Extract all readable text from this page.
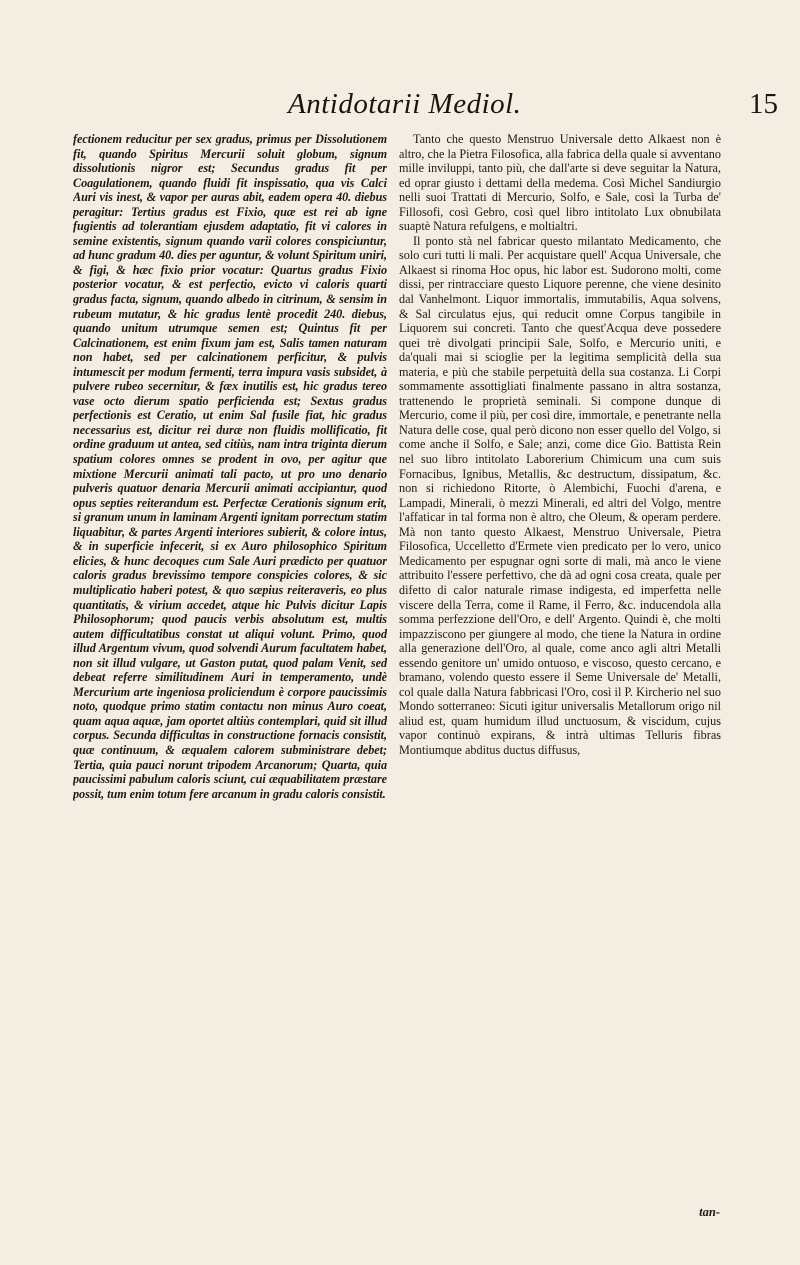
Antidotarii Mediol.	15

fectionem reducitur per sex gradus, primus per Dissolutionem fit, quando Spiritus Mercurii soluit globum, signum dissolutionis nigror est; Secundus gradus fit per Coagulationem, quando fluidi fit inspissatio, qua vis Calci Auri vis inest, & vapor per auras abit, eadem opera 40. diebus peragitur: Tertius gradus est Fixio, quæ est rei ab igne fugientis ad tolerantiam ejusdem adaptatio, fit vi calores in semine existentis, signum quando varii colores conspiciuntur, ad hunc gradum 40. dies per aguntur, & volunt Spiritum uniri, & figi, & hæc fixio prior vocatur: Quartus gradus Fixio posterior vocatur, & est perfectio, evicto vi caloris quarti gradus facta, signum, quando albedo in citrinum, & sensim in rubeum mutatur, & hic gradus lentè procedit 240. diebus, quando unitum utrumque semen est; Quintus fit per Calcinationem, est enim fixum jam est, Salis tamen naturam non habet, sed per calcinationem perficitur, & pulvis intumescit per modum fermenti, terra impura vasis subsidet, à pulvere rubeo secernitur, & fæx inutilis est, hic gradus tereo vase octo dierum spatio perficienda est; Sextus gradus perfectionis est Ceratio, ut enim Sal fusile fiat, hic gradus necessarius est, dicitur rei duræ non fluidis mollificatio, fit ordine graduum ut antea, sed citiùs, nam intra triginta dierum spatium colores omnes se prodent in ovo, per agitur que mixtione Mercurii animati tali pacto, ut pro uno denario pulveris quatuor denaria Mercurii animati accipiantur, quod opus septies reiterandum est. Perfectæ Cerationis signum erit, si granum unum in laminam Argenti ignitam porrectum statim liquabitur, & partes Argenti interiores subierit, & colore intus, & in superficie infecerit, si ex Auro philosophico Spiritum elicies, & hunc decoques cum Sale Auri prædicto per quatuor caloris gradus brevissimo tempore conspicies colores, & sic multiplicatio haberi potest, & quo sæpius reiteraveris, eo plus quantitatis, & virium accedet, atque hic Pulvis dicitur Lapis Philosophorum; quod paucis verbis absolutum est, multis autem difficultatibus constat ut aliqui volunt. Primo, quod illud Argentum vivum, quod solvendi Aurum facultatem habet, non sit illud vulgare, ut Gaston putat, quod palam Venit, sed debeat referre similitudinem Auri in temperamento, undè Mercurium arte ingeniosa proliciendum è corpore paucissimis noto, quodque primo statim contactu non minus Auro coeat, quam aqua aquæ, jam oportet altiùs contemplari, quid sit illud corpus. Secunda difficultas in constructione fornacis consistit, quæ continuum, & æqualem calorem subministrare debet; Tertia, quia pauci norunt tripodem Arcanorum; Quarta, quia paucissimi pabulum caloris sciunt, cui æquabilitatem præstare possit, tum enim totum fere arcanum in gradu caloris consistit.

Tanto che questo Menstruo Universale detto Alkaest non è altro, che la Pietra Filosofica, alla fabrica della quale si avventano mille inviluppi, tanto più, che dall'arte si deve seguitar la Natura, ed oprar giusto i dettami della medema. Così Michel Sandiurgio nelli suoi Trattati di Mercurio, Solfo, e Sale, così la Turba de' Fillosofi, così Gebro, così quel libro intitolato Lux obnubilata suaptè Natura refulgens, e moltialtri.

Il ponto stà nel fabricar questo milantato Medicamento, che solo curi tutti li mali. Per acquistare quell' Acqua Universale, che Alkaest si rinoma Hoc opus, hic labor est. Sudorono molti, come dissi, per rintracciare questo Liquore perenne, che viene desinito dal Vanhelmont. Liquor immortalis, immutabilis, Aqua solvens, & Sal circulatus ejus, qui reducit omne Corpus tangibile in Liquorem sui concreti. Tanto che quest'Acqua deve possedere quei trè divolgati principii Sale, Solfo, e Mercurio uniti, e da'quali mai si scioglie per la legitima semplicità della sua materia, e più che stabile perpetuità della sua costanza. Li Corpi sommamente assottigliati finalmente passano in altra sostanza, trattenendo le proprietà seminali. Si compone dunque di Mercurio, come il più, per così dire, immortale, e penetrante nella Natura delle cose, qual però dicono non esser quello del Volgo, si come anche il Solfo, e Sale; anzi, come dice Gio. Battista Rein nel suo libro intitolato Laborerium Chimicum una cum suis Fornacibus, Ignibus, Metallis, &c destructum, dissipatum, &c. non si richiedono Ritorte, ò Alembichi, Fuochi d'arena, e Lampadi, Minerali, ò mezzi Minerali, ed altri del Volgo, mentre l'affaticar in tal forma non è altro, che Oleum, & operam perdere. Mà non tanto questo Alkaest, Menstruo Universale, Pietra Filosofica, Uccelletto d'Ermete vien predicato per lo vero, unico Medicamento per espugnar ogni sorte di mali, mà anco le viene attribuito l'essere perfettivo, che dà ad ogni cosa creata, quale per difetto di calor naturale rimase indigesta, ed imperfetta nelle viscere della Terra, come il Rame, il Ferro, &c. inducendola alla somma perfezzione dell'Oro, e dell' Argento. Quindi è, che molti impazziscono per giungere al modo, che tiene la Natura in ordine alla generazione dell'Oro, al quale, come anco agli altri Metalli essendo genitore un' umido ontuoso, e viscoso, questo cercano, e bramano, volendo questo essere il Seme Universale de' Metalli, col quale dalla Natura fabbricasi l'Oro, così il P. Kircherio nel suo Mondo sotterraneo: Sicuti igitur universalis Metallorum origo nil aliud est, quam humidum illud unctuosum, & viscidum, cujus vapor continuò expirans, & intrà ultimas Telluris fibras Montiumque abditus ductus diffusus,

tan-
